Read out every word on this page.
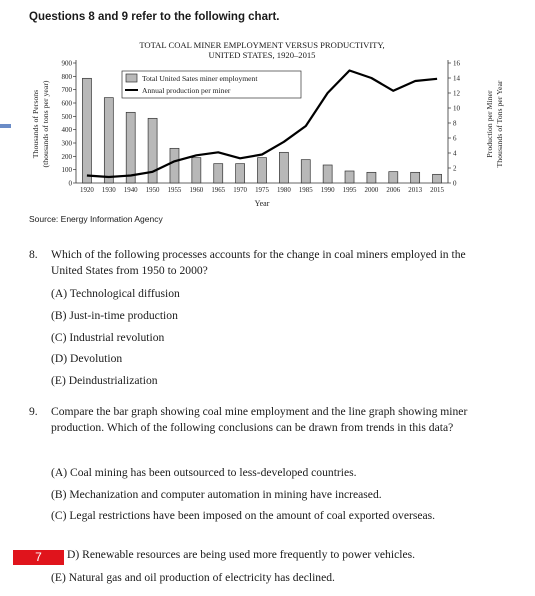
Questions 8 and 9 refer to the following chart.
TOTAL COAL MINER EMPLOYMENT VERSUS PRODUCTIVITY,
UNITED STATES, 1920–2015
0
100
200
300
400
500
600
700
800
900
0
2
4
6
8
10
12
14
16
1920 1930 1940 1950 1955 1960 1965 1970 1975 1980 1985 1990 1995 2000 2006 2013 2015
Year
Total United Sates miner employment
Annual production per miner
Thousands of Persons (thousands of tons per year)	Production per Miner Thousands of Tons per Year
Source: Energy Information Agency
8. Which of the following processes accounts for the change in coal miners employed in the United States from 1950 to 2000?
(A) Technological diffusion
(B) Just-in-time production
(C) Industrial revolution
(D) Devolution
(E) Deindustrialization
9. Compare the bar graph showing coal mine employment and the line graph showing miner production. Which of the following conclusions can be drawn from trends in this data?
(A) Coal mining has been outsourced to less-developed countries.
(B) Mechanization and computer automation in mining have increased.
(C) Legal restrictions have been imposed on the amount of coal exported overseas.
D) Renewable resources are being used more frequently to power vehicles.
(E) Natural gas and oil production of electricity has declined.
7
